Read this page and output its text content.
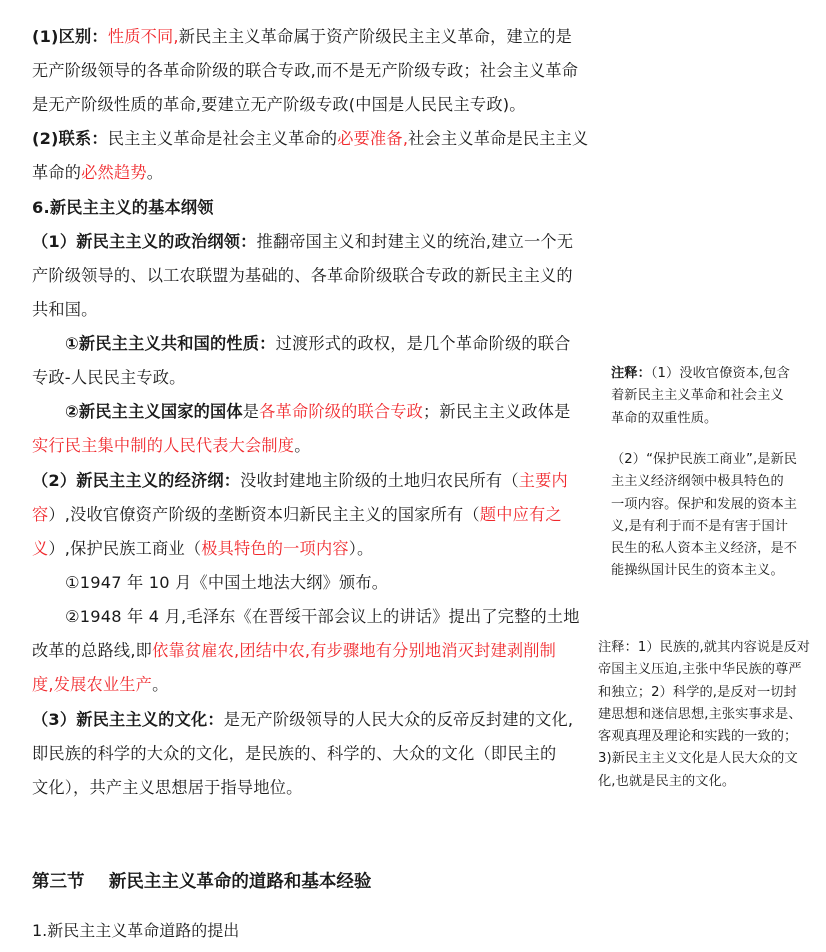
(1)区别：性质不同,新民主主义革命属于资产阶级民主主义革命，建立的是
无产阶级领导的各革命阶级的联合专政,而不是无产阶级专政；社会主义革命
是无产阶级性质的革命,要建立无产阶级专政(中国是人民民主专政)。
(2)联系：民主主义革命是社会主义革命的必要准备,社会主义革命是民主主义
革命的必然趋势。
6.新民主主义的基本纲领
（1）新民主主义的政治纲领：推翻帝国主义和封建主义的统治,建立一个无
产阶级领导的、以工农联盟为基础的、各革命阶级联合专政的新民主主义的
共和国。
①新民主主义共和国的性质：过渡形式的政权，是几个革命阶级的联合
专政-人民民主专政。
②新民主主义国家的国体是各革命阶级的联合专政；新民主主义政体是
实行民主集中制的人民代表大会制度。
（2）新民主主义的经济纲：没收封建地主阶级的土地归农民所有（主要内
容）,没收官僚资产阶级的垄断资本归新民主主义的国家所有（题中应有之
义）,保护民族工商业（极具特色的一项内容）。
①1947 年 10 月《中国土地法大纲》颁布。
②1948 年 4 月,毛泽东《在晋绥干部会议上的讲话》提出了完整的土地
改革的总路线,即依靠贫雇农,团结中农,有步骤地有分别地消灭封建剥削制
度,发展农业生产。
（3）新民主主义的文化：是无产阶级领导的人民大众的反帝反封建的文化,
即民族的科学的大众的文化，是民族的、科学的、大众的文化（即民主的
文化），共产主义思想居于指导地位。
注释：（1）没收官僚资本,包含
着新民主主义革命和社会主义
革命的双重性质。
（2）“保护民族工商业”,是新民
主主义经济纲领中极具特色的
一项内容。保护和发展的资本主
义,是有利于而不是有害于国计
民生的私人资本主义经济，是不
能操纵国计民生的资本主义。
注释：1）民族的,就其内容说是反对
帝国主义压迫,主张中华民族的尊严
和独立；2）科学的,是反对一切封
建思想和迷信思想,主张实事求是、
客观真理及理论和实践的一致的；
3)新民主主义文化是人民大众的文
化,也就是民主的文化。
第三节    新民主主义革命的道路和基本经验
1.新民主主义革命道路的提出
